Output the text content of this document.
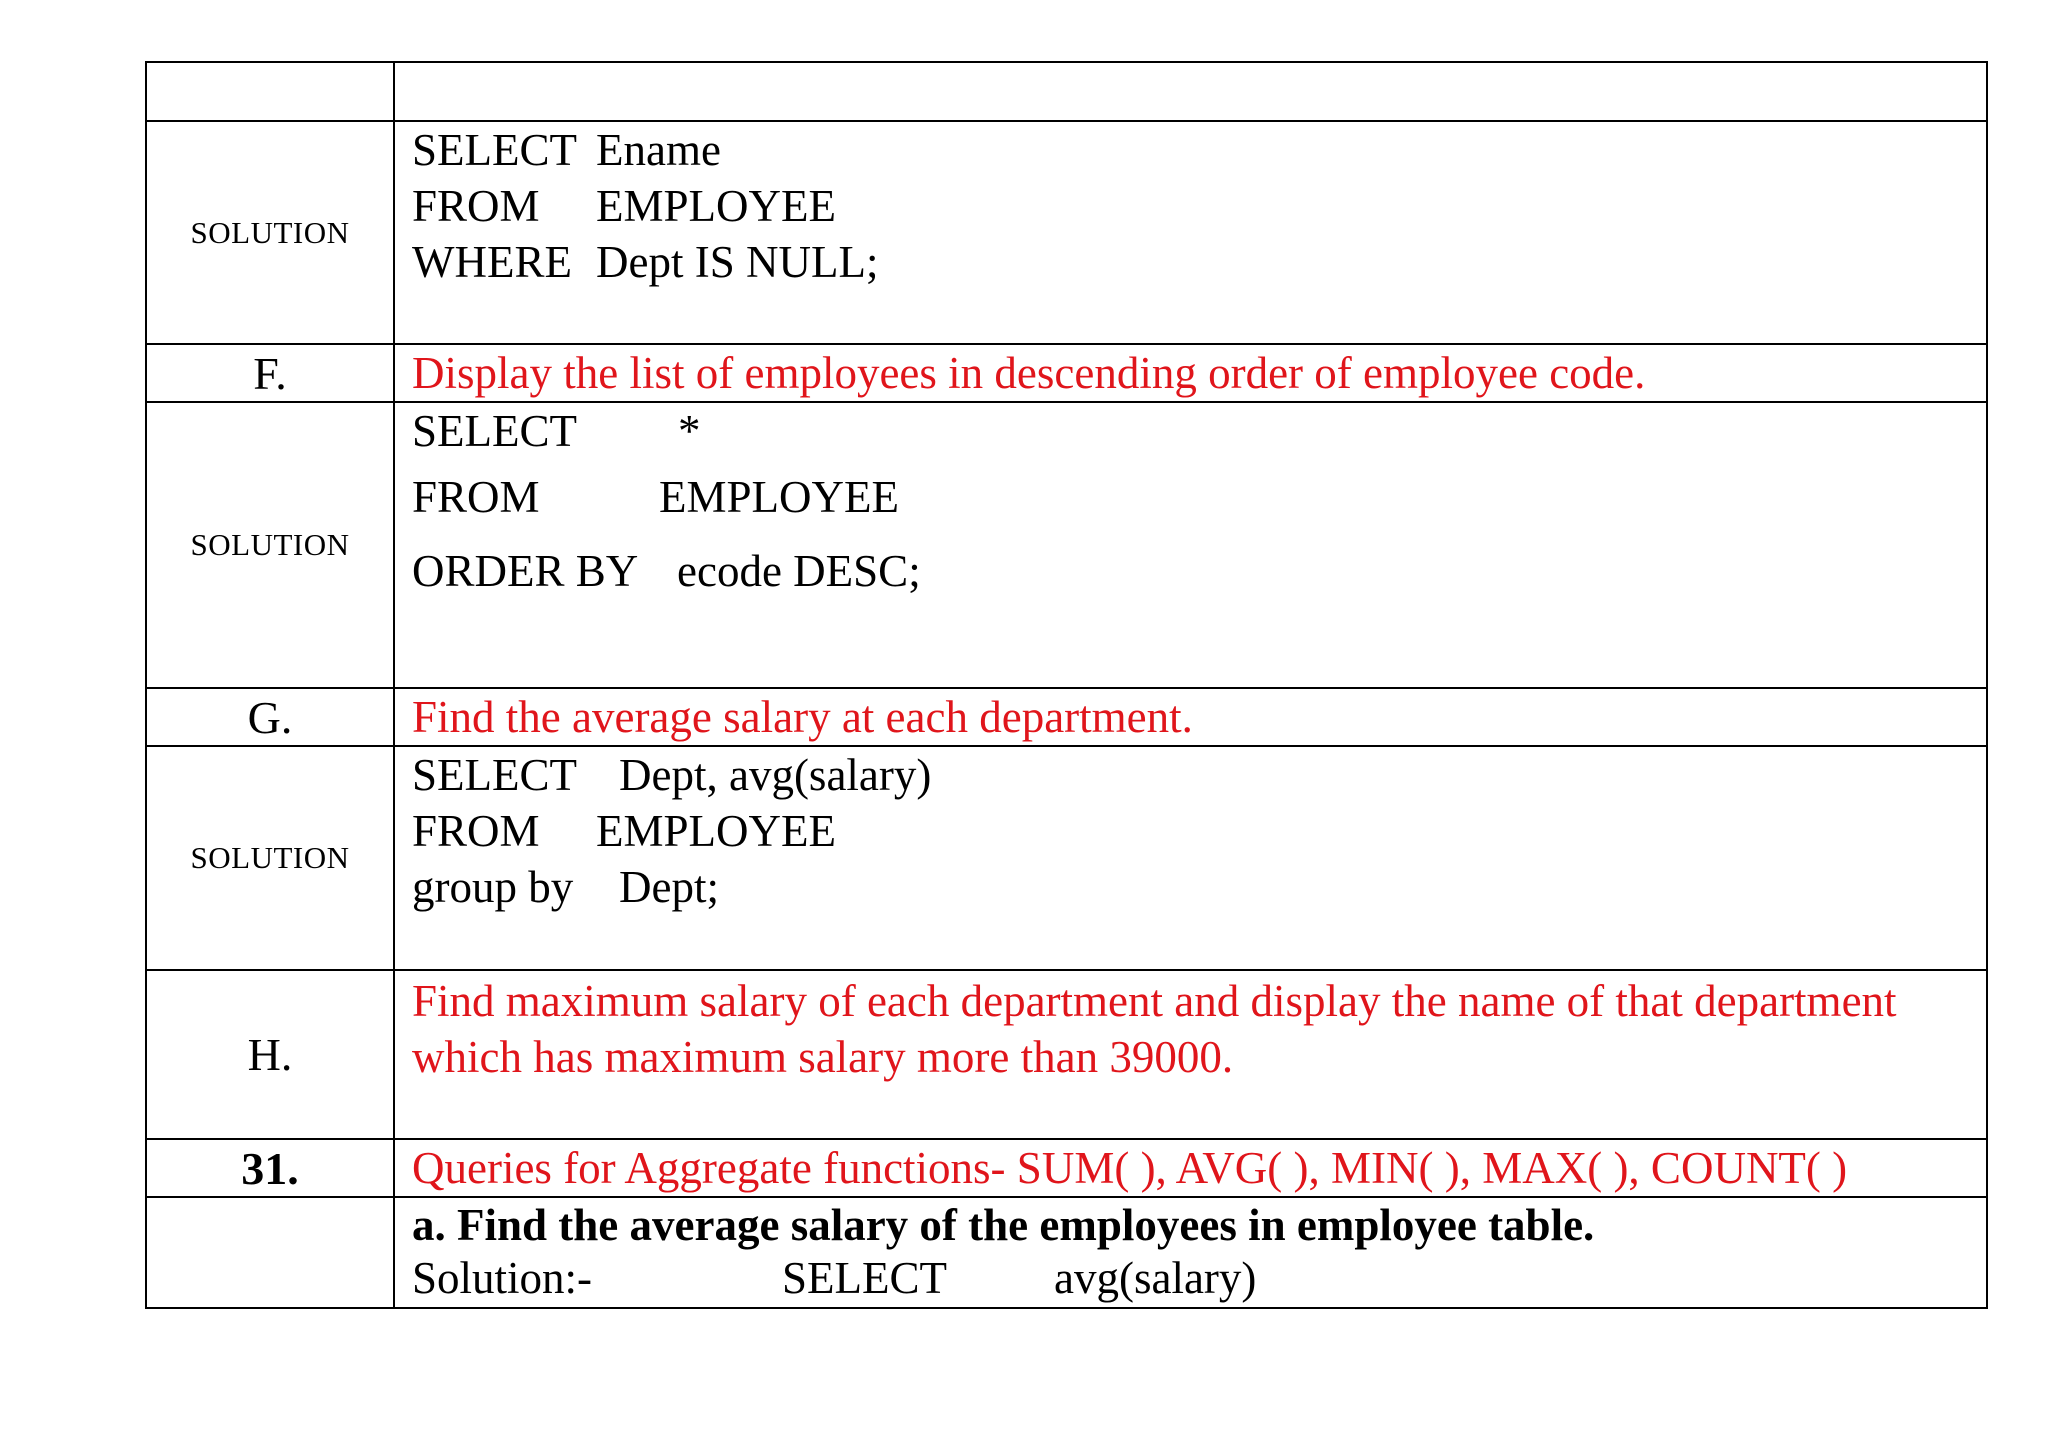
SOLUTION	SELECT Ename
FROM EMPLOYEE
WHERE Dept IS NULL;

F.	Display the list of employees in descending order of employee code.

SOLUTION	SELECT *
FROM EMPLOYEE
ORDER BY ecode DESC;

G.	Find the average salary at each department.

SOLUTION	SELECT Dept, avg(salary)
FROM EMPLOYEE
group by Dept;

H.	Find maximum salary of each department and display the name of that department
which has maximum salary more than 39000.

31.	Queries for Aggregate functions- SUM( ), AVG( ), MIN( ), MAX( ), COUNT( )

	a. Find the average salary of the employees in employee table.
Solution:- SELECT avg(salary)
